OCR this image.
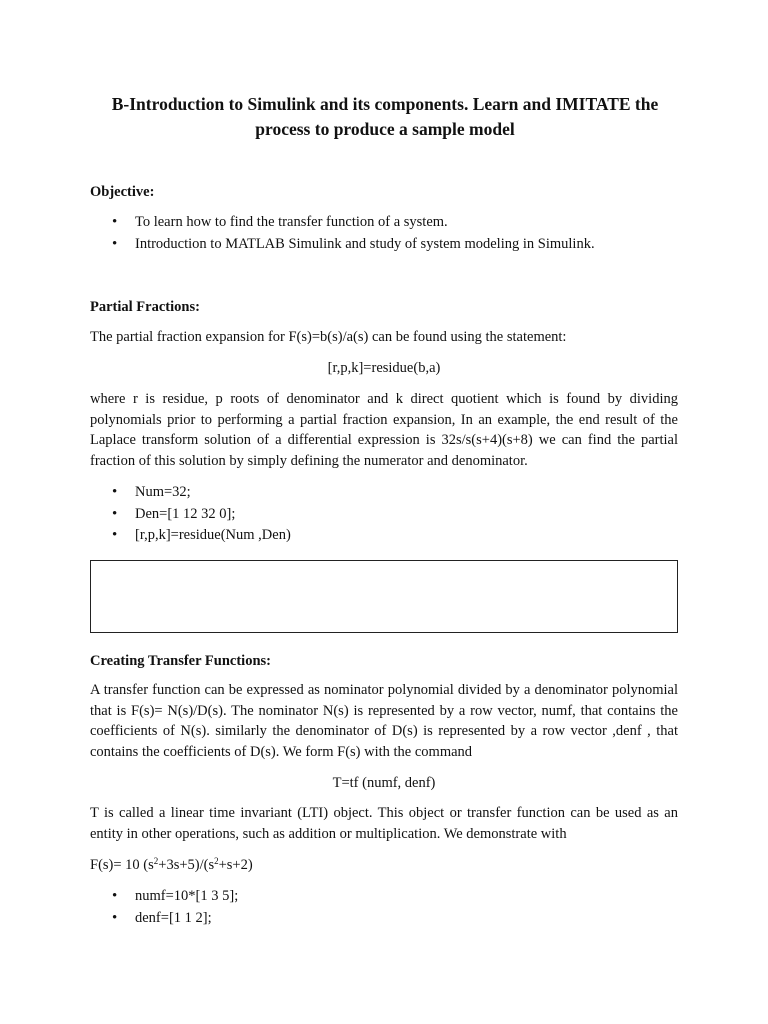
B-Introduction to Simulink and its components. Learn and IMITATE the
process to produce a sample model
Objective:
• To learn how to find the transfer function of a system.
• Introduction to MATLAB Simulink and study of system modeling in Simulink.
Partial Fractions:
The partial fraction expansion for F(s)=b(s)/a(s) can be found using the statement:
[r,p,k]=residue(b,a)
where r is residue, p roots of denominator and k direct quotient which is found by dividing polynomials prior to performing a partial fraction expansion, In an example, the end result of the Laplace transform solution of a differential expression is 32s/s(s+4)(s+8) we can find the partial fraction of this solution by simply defining the numerator and denominator.
• Num=32;
• Den=[1 12 32 0];
• [r,p,k]=residue(Num ,Den)
Creating Transfer Functions:
A transfer function can be expressed as nominator polynomial divided by a denominator polynomial that is F(s)= N(s)/D(s). The nominator N(s) is represented by a row vector, numf, that contains the coefficients of N(s). similarly the denominator of D(s) is represented by a row vector ,denf , that contains the coefficients of D(s). We form F(s) with the command
T=tf (numf, denf)
T is called a linear time invariant (LTI) object. This object or transfer function can be used as an entity in other operations, such as addition or multiplication. We demonstrate with
F(s)= 10 $(s^2+3s+5)/(s^2+s+2)$
• numf=10*[1 3 5];
• denf=[1 1 2];
